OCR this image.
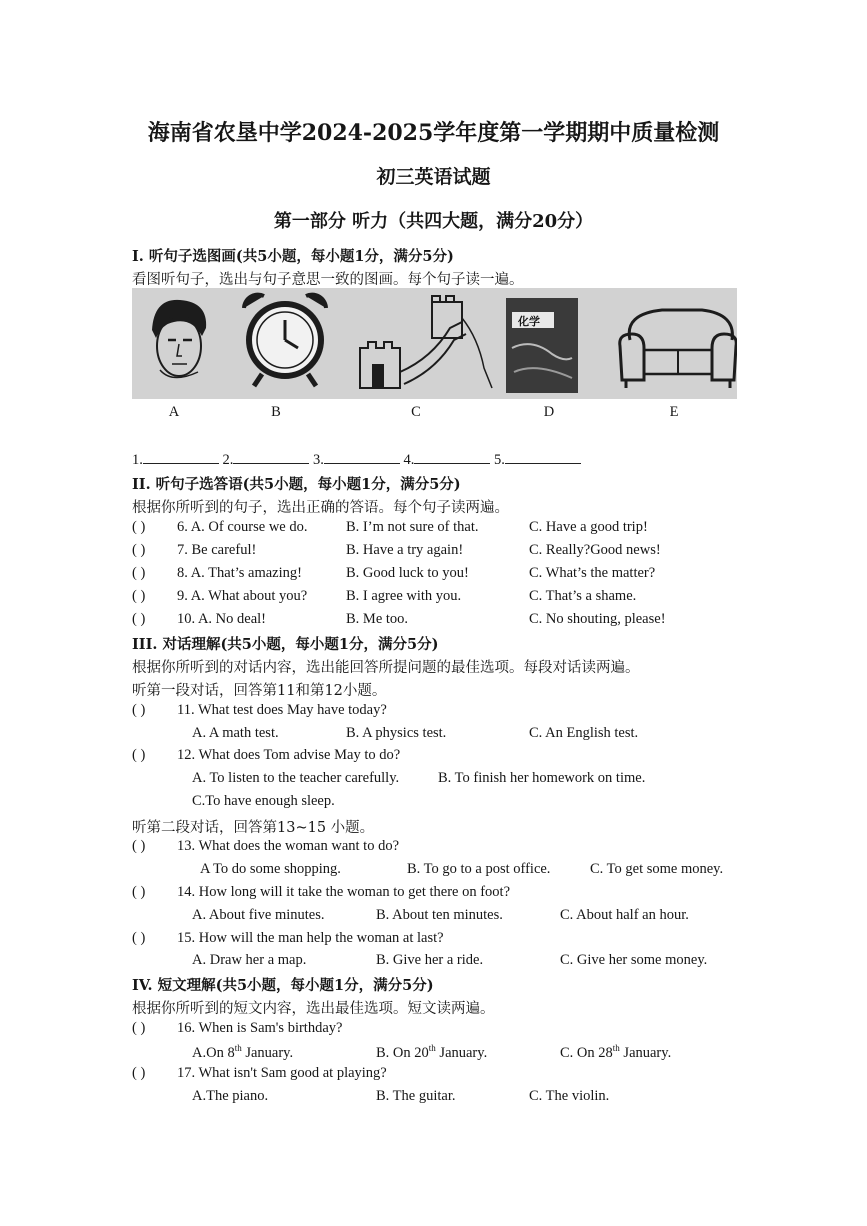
海南省农垦中学2024-2025学年度第一学期期中质量检测
初三英语试题
第一部分 听力（共四大题，满分20分）
I. 听句子选图画(共5小题，每小题1分，满分5分)
看图听句子，选出与句子意思一致的图画。每个句子读一遍。
化学
A	B	C	D	E
1.	2.	3.	4.	5.
II. 听句子选答语(共5小题，每小题1分，满分5分)
根据你所听到的句子，选出正确的答语。每个句子读两遍。
( ) 6. A. Of course we do.	B. I’m not sure of that.	C. Have a good trip!
( ) 7. Be careful!	B. Have a try again!	C. Really?Good news!
( ) 8. A. That’s amazing!	B. Good luck to you!	C. What’s the matter?
( ) 9. A. What about you?	B. I agree with you.	C. That’s a shame.
( ) 10. A. No deal!	B. Me too.	C. No shouting, please!
III. 对话理解(共5小题，每小题1分，满分5分)
根据你所听到的对话内容，选出能回答所提问题的最佳选项。每段对话读两遍。
听第一段对话，回答第11和第12小题。
( ) 11. What test does May have today?
A. A math test.	B. A physics test.	C. An English test.
( ) 12. What does Tom advise May to do?
A. To listen to the teacher carefully.	B. To finish her homework on time.
C.To have enough sleep.
听第二段对话，回答第13~15 小题。
( ) 13. What does the woman want to do?
A To do some shopping.	B. To go to a post office.	C. To get some money.
( ) 14. How long will it take the woman to get there on foot?
A. About five minutes.	B. About ten minutes.	C. About half an hour.
( ) 15. How will the man help the woman at last?
A. Draw her a map.	B. Give her a ride.	C. Give her some money.
IV. 短文理解(共5小题，每小题1分，满分5分)
根据你所听到的短文内容，选出最佳选项。短文读两遍。
( ) 16. When is Sam's birthday?
A.On 8th January.	B. On 20th January.	C. On 28th January.
( ) 17. What isn't Sam good at playing?
A.The piano.	B. The guitar.	C. The violin.
